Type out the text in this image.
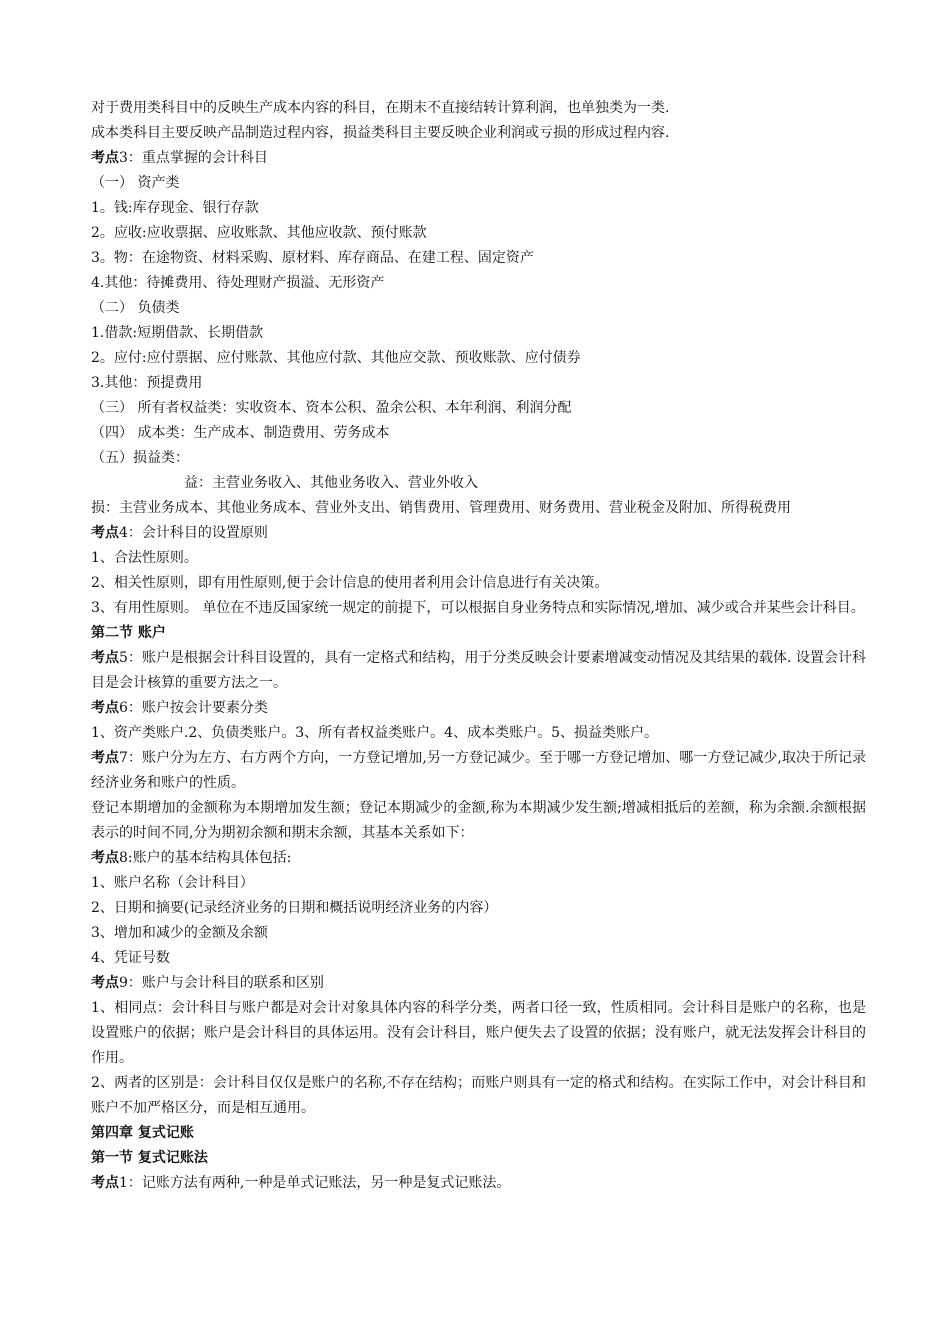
对于费用类科目中的反映生产成本内容的科目，在期末不直接结转计算利润，也单独类为一类.

成本类科目主要反映产品制造过程内容，损益类科目主要反映企业利润或亏损的形成过程内容.

考点3：重点掌握的会计科目

（一） 资产类

1。钱:库存现金、银行存款

2。应收:应收票据、应收账款、其他应收款、预付账款

3。物：在途物资、材料采购、原材料、库存商品、在建工程、固定资产

4.其他：待摊费用、待处理财产损溢、无形资产

（二） 负债类

1.借款:短期借款、长期借款

2。应付:应付票据、应付账款、其他应付款、其他应交款、预收账款、应付债券

3.其他：预提费用

（三） 所有者权益类：实收资本、资本公积、盈余公积、本年利润、利润分配

（四） 成本类：生产成本、制造费用、劳务成本

（五）损益类：

益：主营业务收入、其他业务收入、营业外收入

损：主营业务成本、其他业务成本、营业外支出、销售费用、管理费用、财务费用、营业税金及附加、所得税费用

考点4：会计科目的设置原则

1、合法性原则。

2、相关性原则，即有用性原则,便于会计信息的使用者利用会计信息进行有关决策。

3、有用性原则。 单位在不违反国家统一规定的前提下，可以根据自身业务特点和实际情况,增加、减少或合并某些会计科目。

第二节 账户

考点5：账户是根据会计科目设置的，具有一定格式和结构，用于分类反映会计要素增减变动情况及其结果的载体. 设置会计科目是会计核算的重要方法之一。

考点6：账户按会计要素分类

1、资产类账户.2、负债类账户。3、所有者权益类账户。4、成本类账户。5、损益类账户。

考点7：账户分为左方、右方两个方向，一方登记增加,另一方登记减少。至于哪一方登记增加、哪一方登记减少,取决于所记录经济业务和账户的性质。

登记本期增加的金额称为本期增加发生额；登记本期减少的金额,称为本期减少发生额;增减相抵后的差额，称为余额.余额根据表示的时间不同,分为期初余额和期末余额，其基本关系如下：

考点8:账户的基本结构具体包括:

1、账户名称（会计科目）

2、日期和摘要(记录经济业务的日期和概括说明经济业务的内容）

3、增加和减少的金额及余额

4、凭证号数

考点9：账户与会计科目的联系和区别

1、相同点：会计科目与账户都是对会计对象具体内容的科学分类，两者口径一致，性质相同。会计科目是账户的名称，也是设置账户的依据；账户是会计科目的具体运用。没有会计科目，账户便失去了设置的依据；没有账户，就无法发挥会计科目的作用。

2、两者的区别是：会计科目仅仅是账户的名称,不存在结构；而账户则具有一定的格式和结构。在实际工作中，对会计科目和账户不加严格区分，而是相互通用。

第四章 复式记账

第一节 复式记账法

考点1：记账方法有两种,一种是单式记账法，另一种是复式记账法。
